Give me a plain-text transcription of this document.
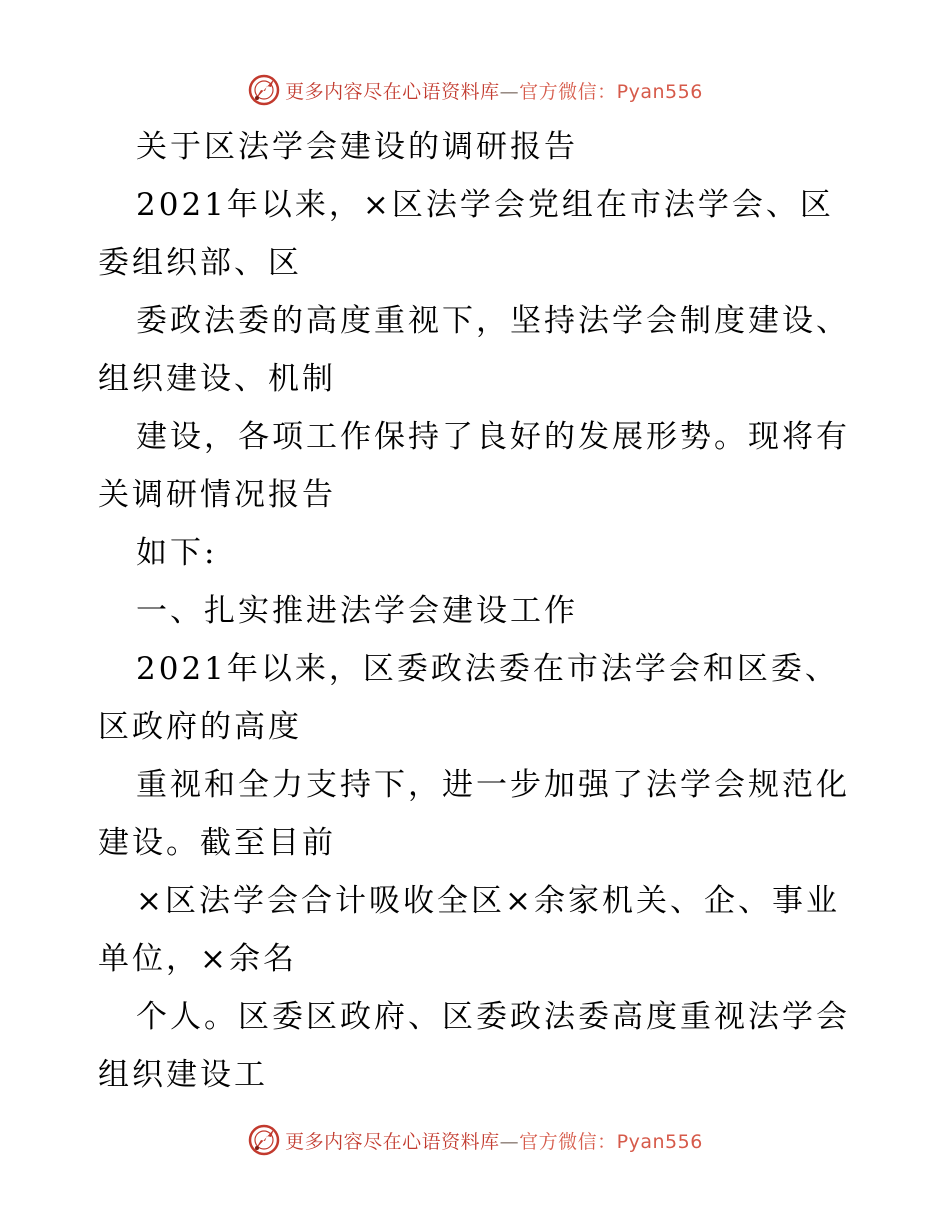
更多内容尽在心语资料库—官方微信：Pyan556
关于区法学会建设的调研报告
2021年以来，×区法学会党组在市法学会、区
委组织部、区
委政法委的高度重视下，坚持法学会制度建设、
组织建设、机制
建设，各项工作保持了良好的发展形势。现将有
关调研情况报告
如下:
一、扎实推进法学会建设工作
2021年以来，区委政法委在市法学会和区委、
区政府的高度
重视和全力支持下，进一步加强了法学会规范化
建设。截至目前
×区法学会合计吸收全区×余家机关、企、事业
单位，×余名
个人。区委区政府、区委政法委高度重视法学会
组织建设工
更多内容尽在心语资料库—官方微信：Pyan556
